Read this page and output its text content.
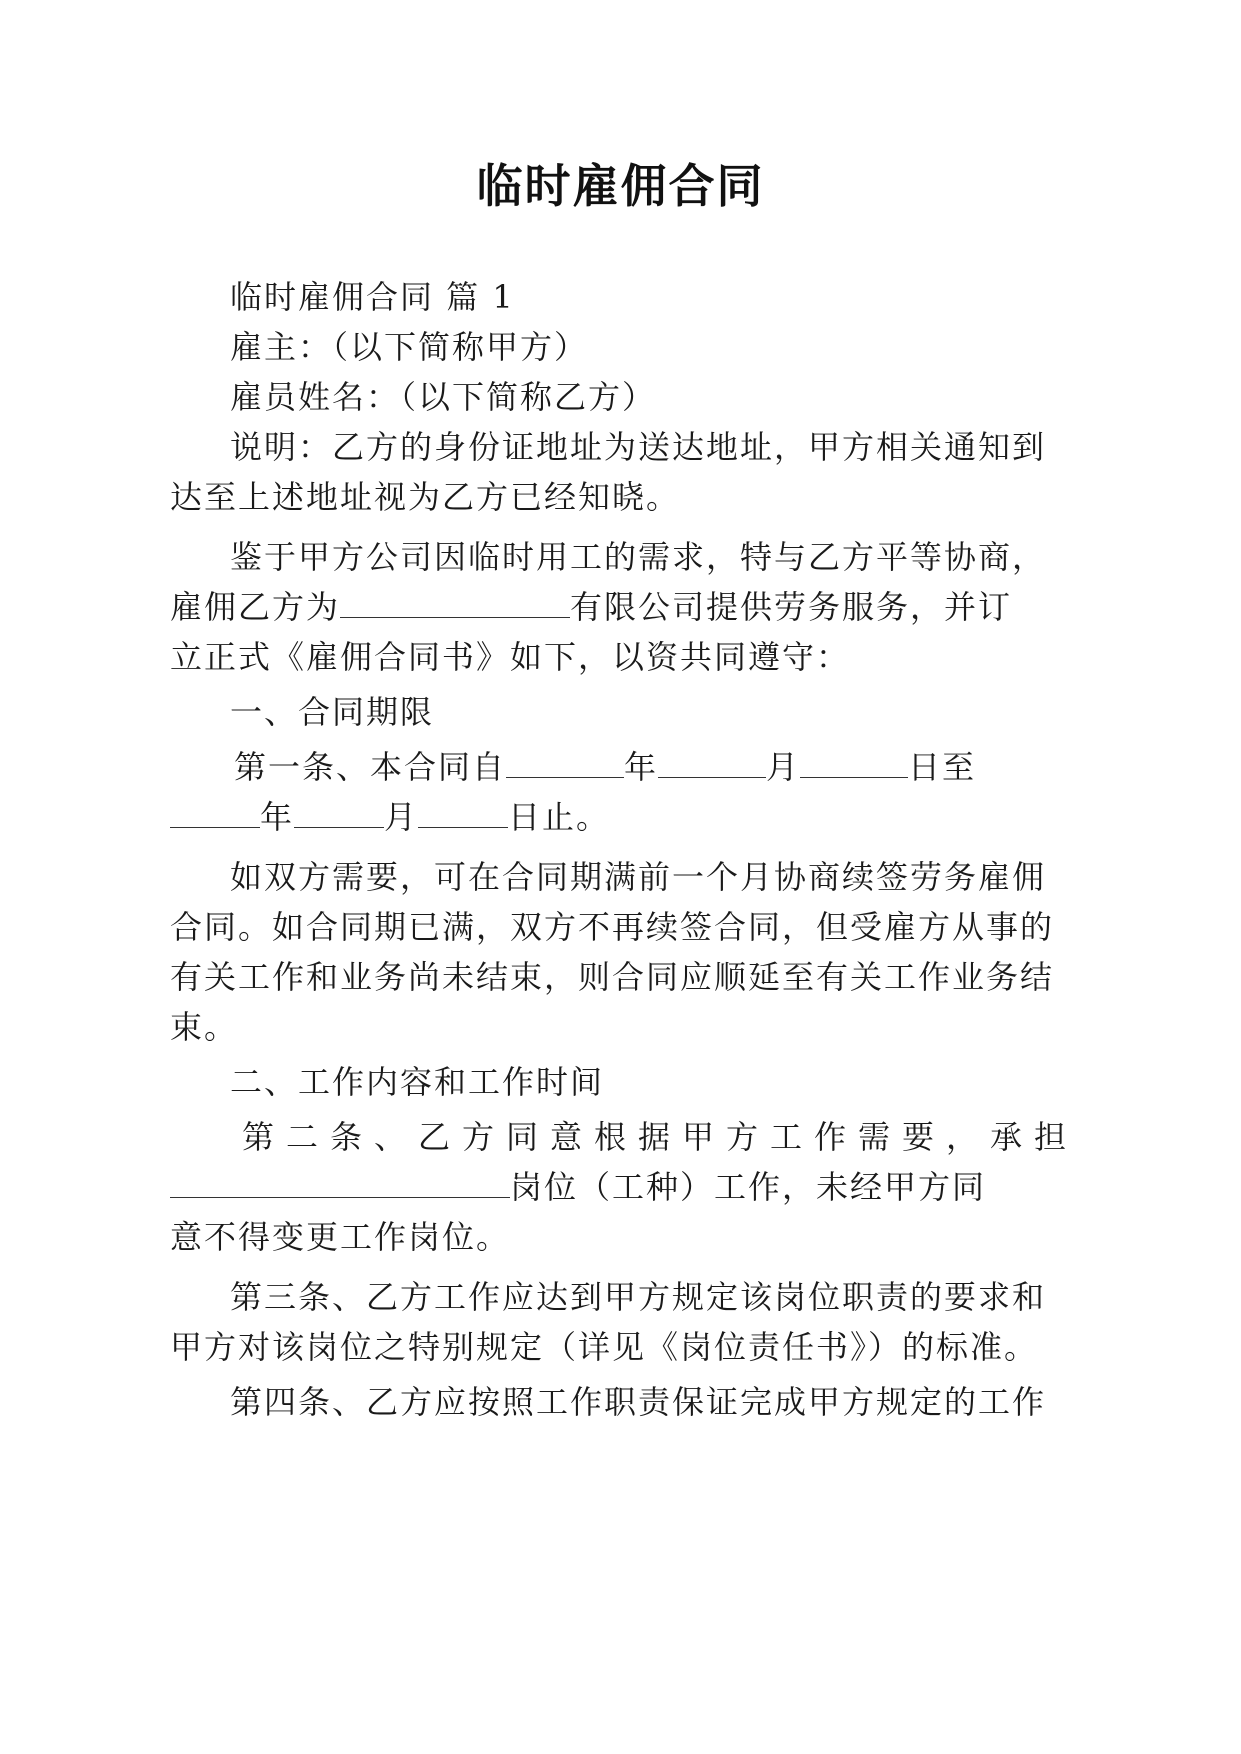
临时雇佣合同
临时雇佣合同 篇 1
雇主：（以下简称甲方）
雇员姓名：（以下简称乙方）
说明：乙方的身份证地址为送达地址，甲方相关通知到
达至上述地址视为乙方已经知晓。
鉴于甲方公司因临时用工的需求，特与乙方平等协商，
雇佣乙方为	有限公司提供劳务服务，并订
立正式《雇佣合同书》如下，以资共同遵守：
一、合同期限
第一条、本合同自	年	月	日至
年	月	日止。
如双方需要，可在合同期满前一个月协商续签劳务雇佣
合同。如合同期已满，双方不再续签合同，但受雇方从事的
有关工作和业务尚未结束，则合同应顺延至有关工作业务结
束。
二、工作内容和工作时间
第二条、乙方同意根据甲方工作需要，承担
岗位（工种）工作，未经甲方同
意不得变更工作岗位。
第三条、乙方工作应达到甲方规定该岗位职责的要求和
甲方对该岗位之特别规定（详见《岗位责任书》）的标准。
第四条、乙方应按照工作职责保证完成甲方规定的工作
